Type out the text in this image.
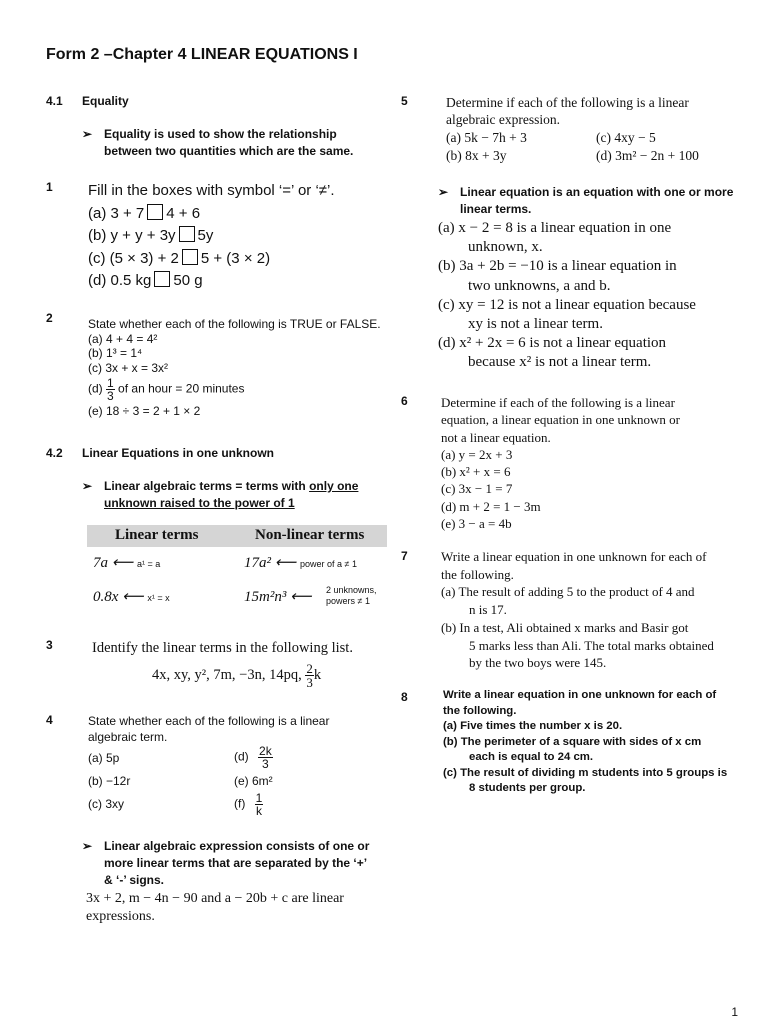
Form 2 –Chapter 4 LINEAR EQUATIONS I
4.1 Equality
➢ Equality is used to show the relationship
between two quantities which are the same.
1 Fill in the boxes with symbol ‘=’ or ‘≠’.
(a) 3 + 7 4 + 6
(b) y + y + 3y 5y
(c) (5 × 3) + 2 5 + (3 × 2)
(d) 0.5 kg 50 g
2	State whether each of the following is TRUE or FALSE.
(a) 4 + 4 = 4²
(b) 1³ = 1⁴
(c) 3x + x = 3x²
$(d) \frac{1}{3}$ of an hour = 20 minutes
(e) 18 ÷ 3 = 2 + 1 × 2
4.2 Linear Equations in one unknown
➢ Linear algebraic terms = terms with only one
unknown raised to the power of 1
Linear terms	Non-linear terms
7a ⟵ a¹ = a	17a² ⟵ power of a ≠ 1
0.8x ⟵ x¹ = x	15m²n³ ⟵ 2 unknowns,
powers ≠ 1
3	Identify the linear terms in the following list.
4x, xy, y², 7m, −3n, 14pq, $\frac{2}{3}$ k
4	State whether each of the following is a linear
algebraic term.
(a) 5p
(b) −12r
(c) 3xy
$(d) \frac{2k}{3}$
(e) 6m²
$(f) \frac{1}{k}$
➢ Linear algebraic expression consists of one or
more linear terms that are separated by the ‘+’
& ‘-’ signs.
3x + 2, m − 4n − 90 and a − 20b + c are linear
expressions.
5	Determine if each of the following is a linear
algebraic expression.
(a) 5k − 7h + 3
(b) 8x + 3y
(c) 4xy − 5
(d) 3m² − 2n + 100
➢ Linear equation is an equation with one or more
linear terms.
(a) x − 2 = 8 is a linear equation in one
unknown, x.
(b) 3a + 2b = −10 is a linear equation in
two unknowns, a and b.
(c) xy = 12 is not a linear equation because
xy is not a linear term.
(d) x² + 2x = 6 is not a linear equation
because x² is not a linear term.
6	Determine if each of the following is a linear
equation, a linear equation in one unknown or
not a linear equation.
(a) y = 2x + 3
(b) x² + x = 6
(c) 3x − 1 = 7
(d) m + 2 = 1 − 3m
(e) 3 − a = 4b
7	Write a linear equation in one unknown for each of
the following.
(a) The result of adding 5 to the product of 4 and
n is 17.
(b) In a test, Ali obtained x marks and Basir got
5 marks less than Ali. The total marks obtained
by the two boys were 145.
8	Write a linear equation in one unknown for each of
the following.
(a) Five times the number x is 20.
(b) The perimeter of a square with sides of x cm
each is equal to 24 cm.
(c) The result of dividing m students into 5 groups is
8 students per group.
1
